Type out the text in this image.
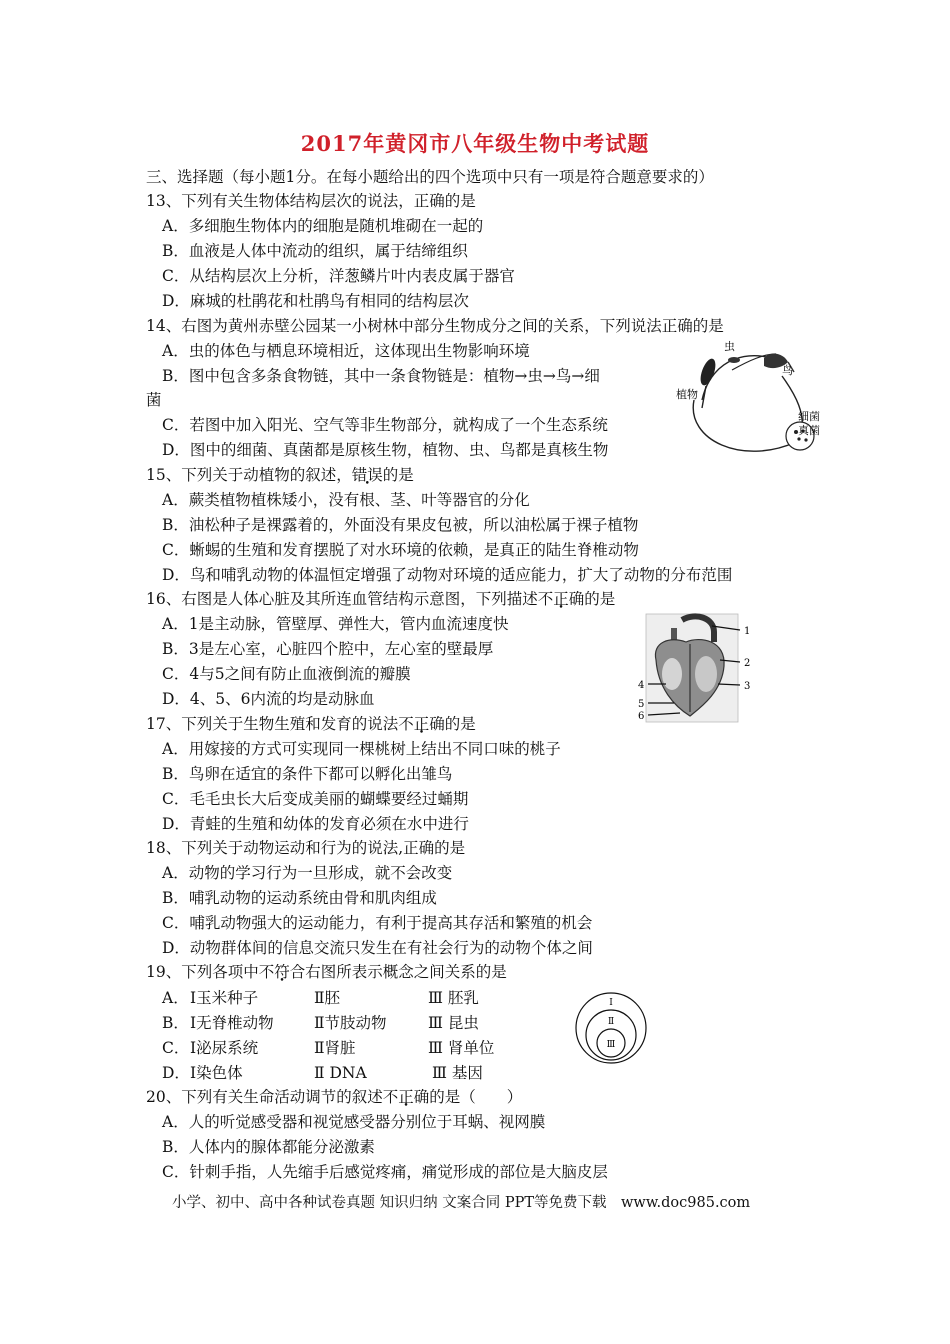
2017年黄冈市八年级生物中考试题
三、选择题（每小题1分。在每小题给出的四个选项中只有一项是符合题意要求的）
13、下列有关生物体结构层次的说法，正确的是
A．多细胞生物体内的细胞是随机堆砌在一起的
B．血液是人体中流动的组织，属于结缔组织
C．从结构层次上分析，洋葱鳞片叶内表皮属于器官
D．麻城的杜鹃花和杜鹃鸟有相同的结构层次
14、右图为黄州赤壁公园某一小树林中部分生物成分之间的关系，下列说法正确的是
A．虫的体色与栖息环境相近，这体现出生物影响环境
B．图中包含多条食物链，其中一条食物链是：植物→虫→鸟→细
菌
C．若图中加入阳光、空气等非生物部分，就构成了一个生态系统
D．图中的细菌、真菌都是原核生物，植物、虫、鸟都是真核生物
虫
鸟
植物
细菌
真菌
15、下列关于动植物的叙述，错误的是
A．蕨类植物植株矮小，没有根、茎、叶等器官的分化
B．油松种子是裸露着的，外面没有果皮包被，所以油松属于裸子植物
C．蜥蜴的生殖和发育摆脱了对水环境的依赖，是真正的陆生脊椎动物
D．鸟和哺乳动物的体温恒定增强了动物对环境的适应能力，扩大了动物的分布范围
16、右图是人体心脏及其所连血管结构示意图，下列描述不正确的是
A．1是主动脉，管壁厚、弹性大，管内血流速度快
B．3是左心室，心脏四个腔中，左心室的壁最厚
C．4与5之间有防止血液倒流的瓣膜
D．4、5、6内流的均是动脉血
1
2
3
4
5
6
17、下列关于生物生殖和发育的说法不正确的是
A．用嫁接的方式可实现同一棵桃树上结出不同口味的桃子
B．鸟卵在适宜的条件下都可以孵化出雏鸟
C．毛毛虫长大后变成美丽的蝴蝶要经过蛹期
D．青蛙的生殖和幼体的发育必须在水中进行
18、下列关于动物运动和行为的说法,正确的是
A．动物的学习行为一旦形成，就不会改变
B．哺乳动物的运动系统由骨和肌肉组成
C．哺乳动物强大的运动能力，有利于提高其存活和繁殖的机会
D．动物群体间的信息交流只发生在有社会行为的动物个体之间
19、下列各项中不符合右图所表示概念之间关系的是
A． Ⅰ玉米种子	Ⅱ胚	Ⅲ 胚乳
B． Ⅰ无脊椎动物	Ⅱ节肢动物	Ⅲ 昆虫
C． Ⅰ泌尿系统	Ⅱ肾脏	Ⅲ 肾单位
D． Ⅰ染色体	Ⅱ DNA	Ⅲ 基因
Ⅰ
Ⅱ
Ⅲ
20、下列有关生命活动调节的叙述不正确的是（　　）
A．人的听觉感受器和视觉感受器分别位于耳蜗、视网膜
B．人体内的腺体都能分泌激素
C．针刺手指，人先缩手后感觉疼痛，痛觉形成的部位是大脑皮层
小学、初中、高中各种试卷真题 知识归纳 文案合同 PPT等免费下载　www.doc985.com
